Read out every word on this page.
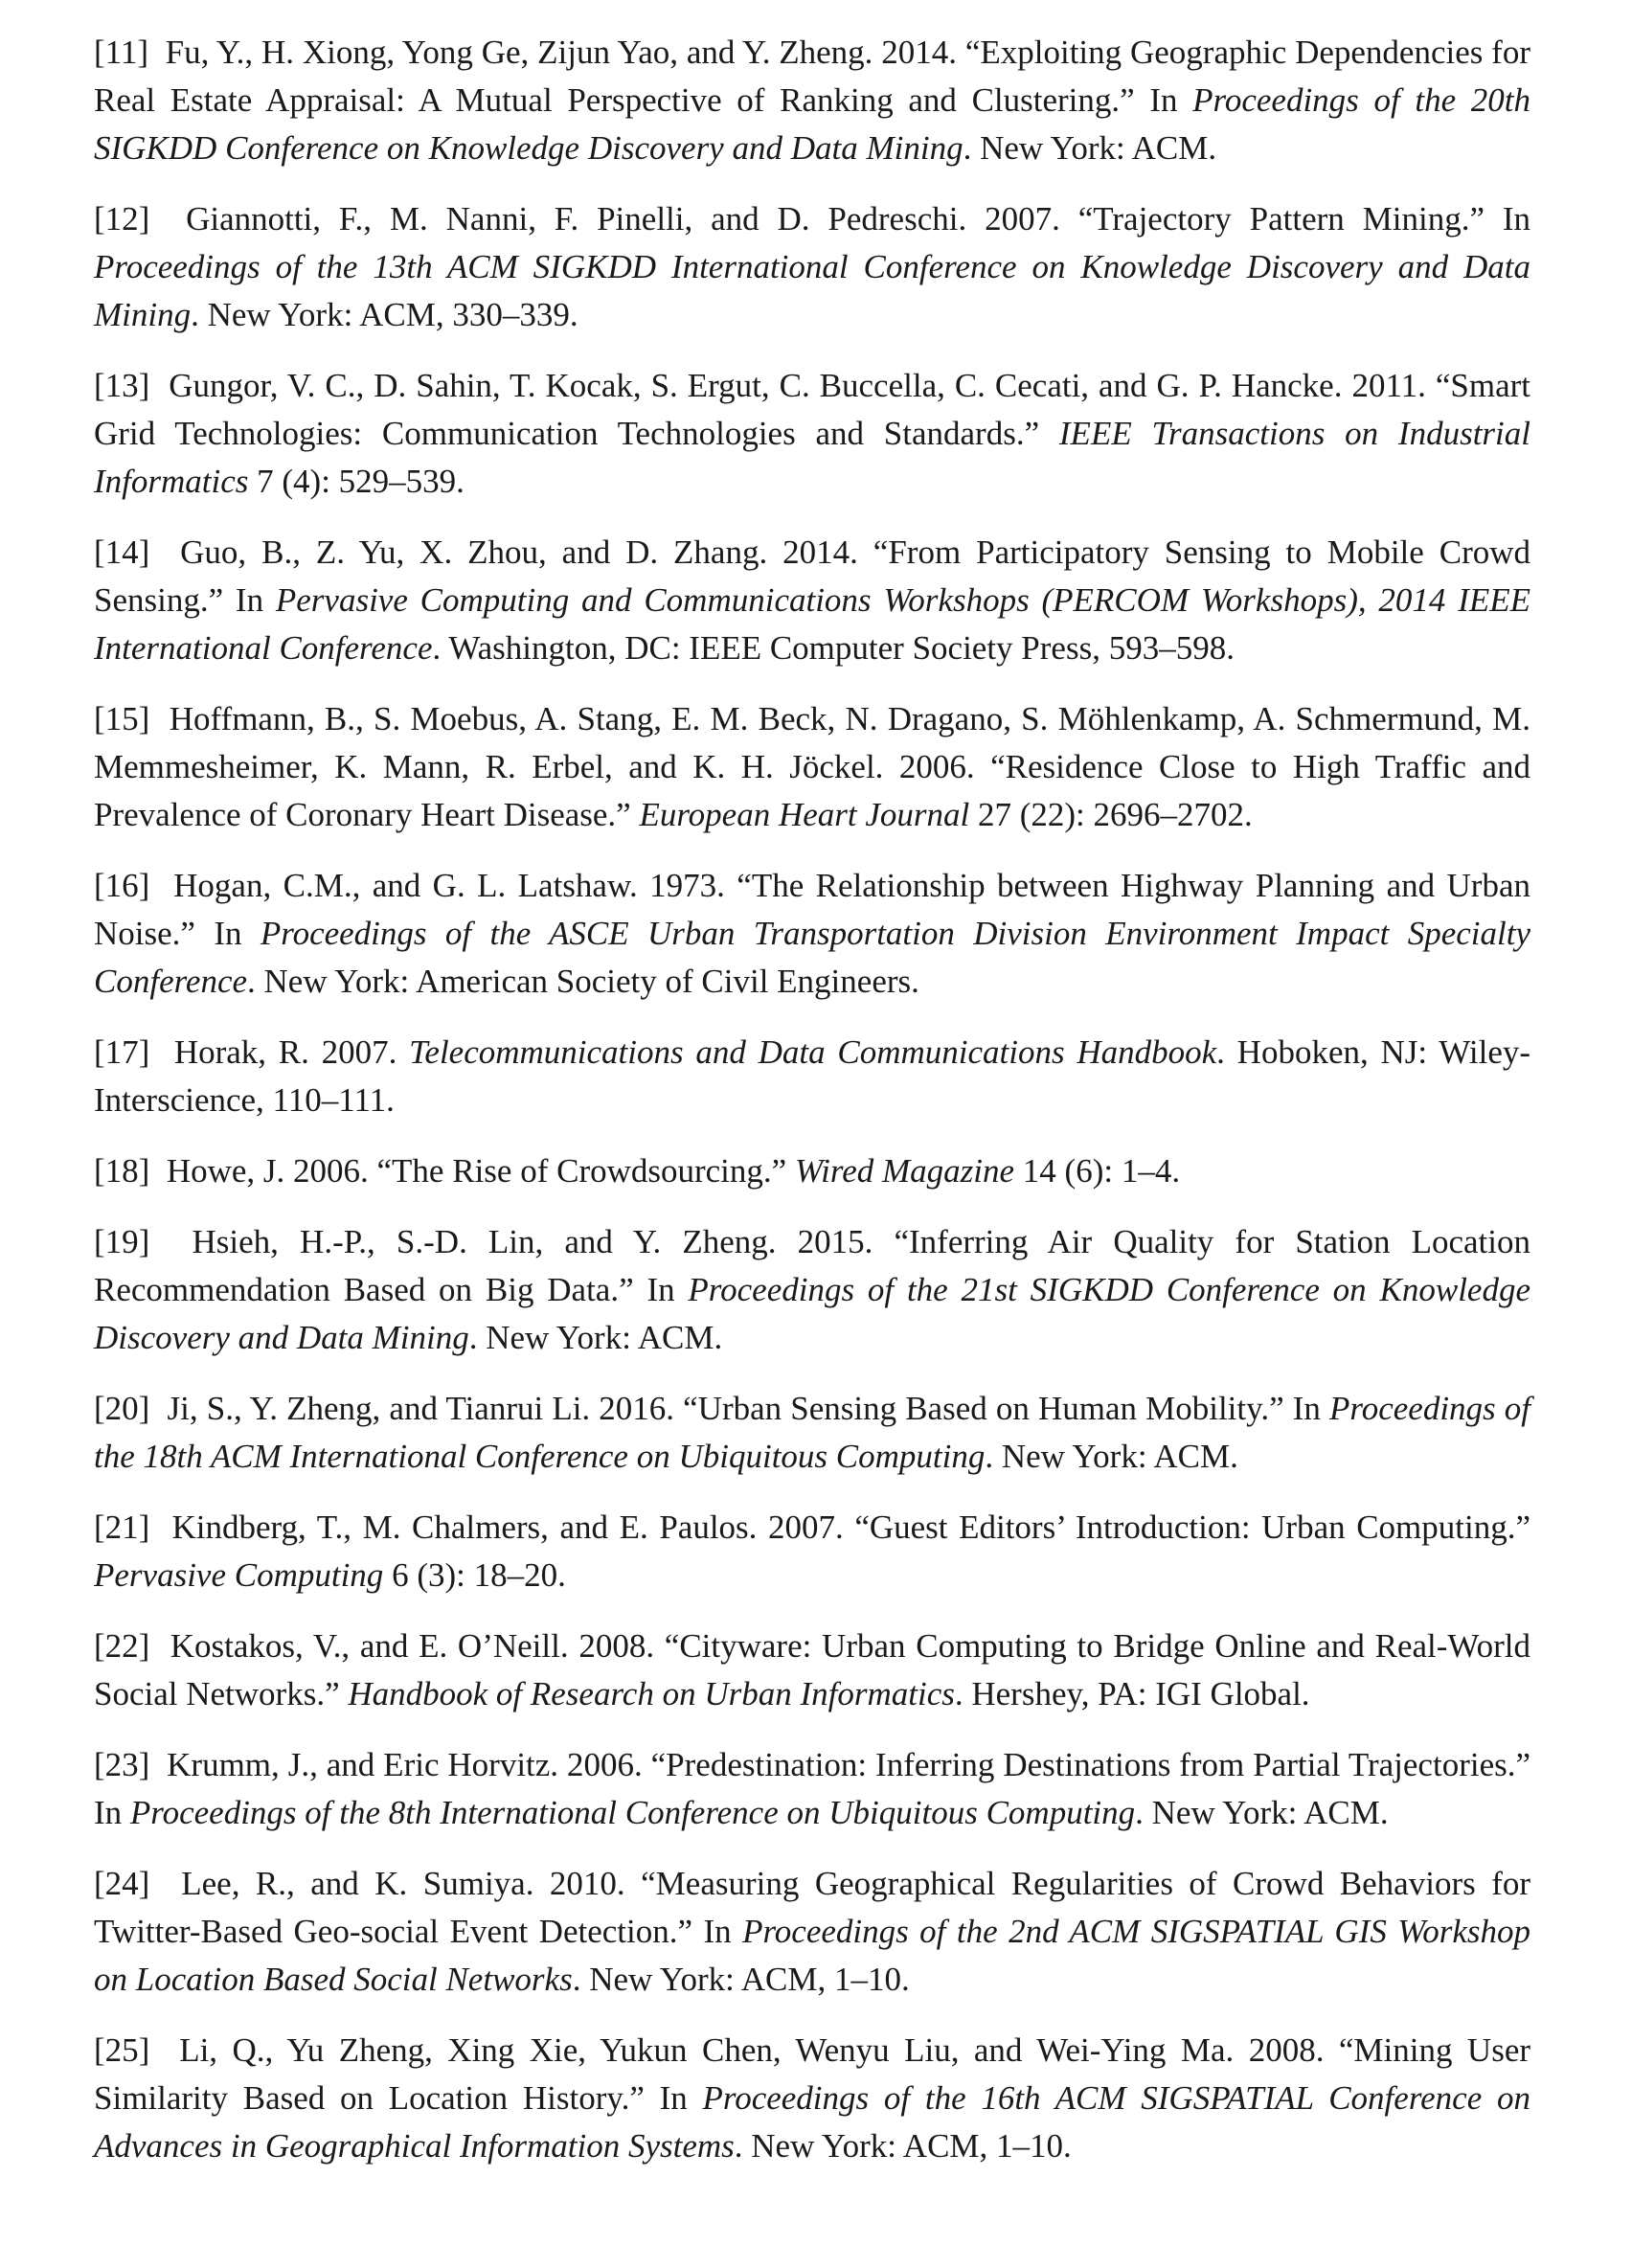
[11] Fu, Y., H. Xiong, Yong Ge, Zijun Yao, and Y. Zheng. 2014. “Exploiting Geographic Dependencies for Real Estate Appraisal: A Mutual Perspective of Ranking and Clustering.” In Proceedings of the 20th SIGKDD Conference on Knowledge Discovery and Data Mining. New York: ACM.

[12] Giannotti, F., M. Nanni, F. Pinelli, and D. Pedreschi. 2007. “Trajectory Pattern Mining.” In Proceedings of the 13th ACM SIGKDD International Conference on Knowledge Discovery and Data Mining. New York: ACM, 330–339.

[13] Gungor, V. C., D. Sahin, T. Kocak, S. Ergut, C. Buccella, C. Cecati, and G. P. Hancke. 2011. “Smart Grid Technologies: Communication Technologies and Standards.” IEEE Transactions on Industrial Informatics 7 (4): 529–539.

[14] Guo, B., Z. Yu, X. Zhou, and D. Zhang. 2014. “From Participatory Sensing to Mobile Crowd Sensing.” In Pervasive Computing and Communications Workshops (PERCOM Workshops), 2014 IEEE International Conference. Washington, DC: IEEE Computer Society Press, 593–598.

[15] Hoffmann, B., S. Moebus, A. Stang, E. M. Beck, N. Dragano, S. Möhlenkamp, A. Schmermund, M. Memmesheimer, K. Mann, R. Erbel, and K. H. Jöckel. 2006. “Residence Close to High Traffic and Prevalence of Coronary Heart Disease.” European Heart Journal 27 (22): 2696–2702.

[16] Hogan, C.M., and G. L. Latshaw. 1973. “The Relationship between Highway Planning and Urban Noise.” In Proceedings of the ASCE Urban Transportation Division Environment Impact Specialty Conference. New York: American Society of Civil Engineers.

[17] Horak, R. 2007. Telecommunications and Data Communications Handbook. Hoboken, NJ: Wiley-Interscience, 110–111.

[18] Howe, J. 2006. “The Rise of Crowdsourcing.” Wired Magazine 14 (6): 1–4.

[19] Hsieh, H.-P., S.-D. Lin, and Y. Zheng. 2015. “Inferring Air Quality for Station Location Recommendation Based on Big Data.” In Proceedings of the 21st SIGKDD Conference on Knowledge Discovery and Data Mining. New York: ACM.

[20] Ji, S., Y. Zheng, and Tianrui Li. 2016. “Urban Sensing Based on Human Mobility.” In Proceedings of the 18th ACM International Conference on Ubiquitous Computing. New York: ACM.

[21] Kindberg, T., M. Chalmers, and E. Paulos. 2007. “Guest Editors’ Introduction: Urban Computing.” Pervasive Computing 6 (3): 18–20.

[22] Kostakos, V., and E. O’Neill. 2008. “Cityware: Urban Computing to Bridge Online and Real-World Social Networks.” Handbook of Research on Urban Informatics. Hershey, PA: IGI Global.

[23] Krumm, J., and Eric Horvitz. 2006. “Predestination: Inferring Destinations from Partial Trajectories.” In Proceedings of the 8th International Conference on Ubiquitous Computing. New York: ACM.

[24] Lee, R., and K. Sumiya. 2010. “Measuring Geographical Regularities of Crowd Behaviors for Twitter-Based Geo-social Event Detection.” In Proceedings of the 2nd ACM SIGSPATIAL GIS Workshop on Location Based Social Networks. New York: ACM, 1–10.

[25] Li, Q., Yu Zheng, Xing Xie, Yukun Chen, Wenyu Liu, and Wei-Ying Ma. 2008. “Mining User Similarity Based on Location History.” In Proceedings of the 16th ACM SIGSPATIAL Conference on Advances in Geographical Information Systems. New York: ACM, 1–10.
